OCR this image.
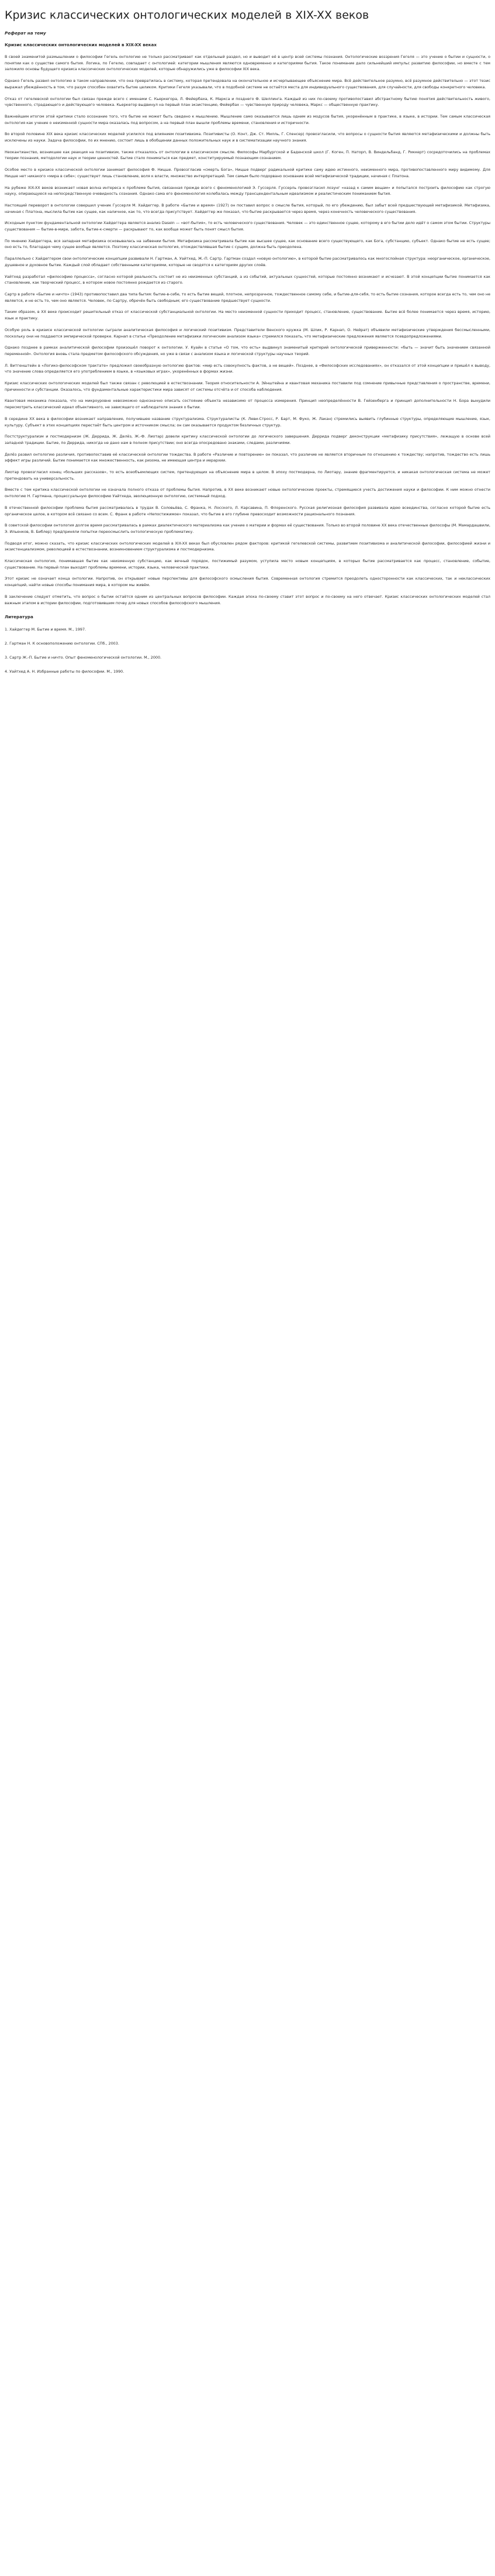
Кризис классических онтологических моделей в XIX-XX веков
Реферат на тему
Кризис классических онтологических моделей в XIX-XX веках

В своей знаменитой размышлении о философии Гегель онтологию не только рассматривает как отдельный раздел, но и выводит её в центр всей системы познания. Онтологические воззрения Гегеля — это учение о бытии и сущности, о понятии как о существе самого бытия. Логика, по Гегелю, совпадает с онтологией: категории мышления являются одновременно и категориями бытия. Такое понимание дало сильнейший импульс развитию философии, но вместе с тем заложило основы будущего кризиса классических онтологических моделей, которые обнаружились уже в философии XIX века.

Однако Гегель развил онтологию в таком направлении, что она превратилась в систему, которая претендовала на окончательное и исчерпывающее объяснение мира. Всё действительное разумно, всё разумное действительно — этот тезис выражал убеждённость в том, что разум способен охватить бытие целиком. Критики Гегеля указывали, что в подобной системе не остаётся места для индивидуального существования, для случайности, для свободы конкретного человека.

Отказ от гегелевской онтологии был связан прежде всего с именами С. Кьеркегора, Л. Фейербаха, К. Маркса и позднего Ф. Шеллинга. Каждый из них по-своему противопоставил абстрактному бытию понятия действительность живого, чувственного, страдающего и действующего человека. Кьеркегор выдвинул на первый план экзистенцию, Фейербах — чувственную природу человека, Маркс — общественную практику.

Важнейшим итогом этой критики стало осознание того, что бытие не может быть сведено к мышлению. Мышление само оказывается лишь одним из модусов бытия, укоренённым в практике, в языке, в истории. Тем самым классическая онтология как учение о неизменной сущности мира оказалась под вопросом, а на первый план вышли проблемы времени, становления и историчности.

Во второй половине XIX века кризис классических моделей усилился под влиянием позитивизма. Позитивисты (О. Конт, Дж. Ст. Милль, Г. Спенсер) провозгласили, что вопросы о сущности бытия являются метафизическими и должны быть исключены из науки. Задача философии, по их мнению, состоит лишь в обобщении данных положительных наук и в систематизации научного знания.

Неокантианство, возникшее как реакция на позитивизм, также отказалось от онтологии в классическом смысле. Философы Марбургской и Баденской школ (Г. Коген, П. Наторп, В. Виндельбанд, Г. Риккерт) сосредоточились на проблемах теории познания, методологии наук и теории ценностей. Бытие стало пониматься как предмет, конституируемый познающим сознанием.

Особое место в кризисе классической онтологии занимает философия Ф. Ницше. Провозгласив «смерть Бога», Ницше подверг радикальной критике саму идею истинного, неизменного мира, противопоставленного миру видимому. Для Ницше нет никакого «мира в себе»; существует лишь становление, воля к власти, множество интерпретаций. Тем самым было подорвано основание всей метафизической традиции, начиная с Платона.

На рубеже XIX-XX веков возникает новая волна интереса к проблеме бытия, связанная прежде всего с феноменологией Э. Гуссерля. Гуссерль провозгласил лозунг «назад к самим вещам» и попытался построить философию как строгую науку, опирающуюся на непосредственную очевидность сознания. Однако сама его феноменология колебалась между трансцендентальным идеализмом и реалистическим пониманием бытия.

Настоящий переворот в онтологии совершил ученик Гуссерля М. Хайдеггер. В работе «Бытие и время» (1927) он поставил вопрос о смысле бытия, который, по его убеждению, был забыт всей предшествующей метафизикой. Метафизика, начиная с Платона, мыслила бытие как сущее, как наличное, как то, что всегда присутствует. Хайдеггер же показал, что бытие раскрывается через время, через конечность человеческого существования.

Исходным пунктом фундаментальной онтологии Хайдеггера является анализ Dasein — «вот-бытия», то есть человеческого существования. Человек — это единственное сущее, которому в его бытии дело идёт о самом этом бытии. Структуры существования — бытие-в-мире, забота, бытие-к-смерти — раскрывают то, как вообще может быть понят смысл бытия.

По мнению Хайдеггера, вся западная метафизика основывалась на забвении бытия. Метафизика рассматривала бытие как высшее сущее, как основание всего существующего, как Бога, субстанцию, субъект. Однако бытие не есть сущее; оно есть то, благодаря чему сущее вообще является. Поэтому классическая онтология, отождествлявшая бытие с сущим, должна быть преодолена.

Параллельно с Хайдеггером свои онтологические концепции развивали Н. Гартман, А. Уайтхед, Ж.-П. Сартр. Гартман создал «новую онтологию», в которой бытие рассматривалось как многослойная структура: неорганическое, органическое, душевное и духовное бытие. Каждый слой обладает собственными категориями, которые не сводятся к категориям других слоёв.

Уайтхед разработал «философию процесса», согласно которой реальность состоит не из неизменных субстанций, а из событий, актуальных сущностей, которые постоянно возникают и исчезают. В этой концепции бытие понимается как становление, как творческий процесс, в котором новое постоянно рождается из старого.

Сартр в работе «Бытие и ничто» (1943) противопоставил два типа бытия: бытие-в-себе, то есть бытие вещей, плотное, непрозрачное, тождественное самому себе, и бытие-для-себя, то есть бытие сознания, которое всегда есть то, чем оно не является, и не есть то, чем оно является. Человек, по Сартру, обречён быть свободным; его существование предшествует сущности.

Таким образом, в XX веке происходит решительный отказ от классической субстанциальной онтологии. На место неизменной сущности приходит процесс, становление, существование. Бытие всё более понимается через время, историю, язык и практику.

Особую роль в кризисе классической онтологии сыграли аналитическая философия и логический позитивизм. Представители Венского кружка (М. Шлик, Р. Карнап, О. Нейрат) объявили метафизические утверждения бессмысленными, поскольку они не поддаются эмпирической проверке. Карнап в статье «Преодоление метафизики логическим анализом языка» стремился показать, что метафизические предложения являются псевдопредложениями.

Однако позднее в рамках аналитической философии произошёл поворот к онтологии. У. Куайн в статье «О том, что есть» выдвинул знаменитый критерий онтологической приверженности: «быть — значит быть значением связанной переменной». Онтология вновь стала предметом философского обсуждения, но уже в связи с анализом языка и логической структуры научных теорий.

Л. Витгенштейн в «Логико-философском трактате» предложил своеобразную онтологию фактов: «мир есть совокупность фактов, а не вещей». Позднее, в «Философских исследованиях», он отказался от этой концепции и пришёл к выводу, что значение слова определяется его употреблением в языке, в «языковых играх», укоренённых в формах жизни.

Кризис классических онтологических моделей был также связан с революцией в естествознании. Теория относительности А. Эйнштейна и квантовая механика поставили под сомнение привычные представления о пространстве, времени, причинности и субстанции. Оказалось, что фундаментальные характеристики мира зависят от системы отсчёта и от способа наблюдения.

Квантовая механика показала, что на микроуровне невозможно однозначно описать состояние объекта независимо от процесса измерения. Принцип неопределённости В. Гейзенберга и принцип дополнительности Н. Бора вынудили пересмотреть классический идеал объективного, не зависящего от наблюдателя знания о бытии.

В середине XX века в философии возникает направление, получившее название структурализма. Структуралисты (К. Леви-Стросс, Р. Барт, М. Фуко, Ж. Лакан) стремились выявить глубинные структуры, определяющие мышление, язык, культуру. Субъект в этих концепциях перестаёт быть центром и источником смысла; он сам оказывается продуктом безличных структур.

Постструктурализм и постмодернизм (Ж. Деррида, Ж. Делёз, Ж.-Ф. Лиотар) довели критику классической онтологии до логического завершения. Деррида подверг деконструкции «метафизику присутствия», лежащую в основе всей западной традиции. Бытие, по Деррида, никогда не дано нам в полном присутствии; оно всегда опосредовано знаками, следами, различиями.

Делёз развил онтологию различия, противопоставив её классической онтологии тождества. В работе «Различие и повторение» он показал, что различие не является вторичным по отношению к тождеству; напротив, тождество есть лишь эффект игры различий. Бытие понимается как множественность, как ризома, не имеющая центра и иерархии.

Лиотар провозгласил конец «больших рассказов», то есть всеобъемлющих систем, претендующих на объяснение мира в целом. В эпоху постмодерна, по Лиотару, знание фрагментируется, и никакая онтологическая система не может претендовать на универсальность.

Вместе с тем критика классической онтологии не означала полного отказа от проблемы бытия. Напротив, в XX веке возникают новые онтологические проекты, стремящиеся учесть достижения науки и философии. К ним можно отнести онтологию Н. Гартмана, процессуальную философию Уайтхеда, эволюционную онтологию, системный подход.

В отечественной философии проблема бытия рассматривалась в трудах В. Соловьёва, С. Франка, Н. Лосского, Л. Карсавина, П. Флоренского. Русская религиозная философия развивала идею всеединства, согласно которой бытие есть органическое целое, в котором всё связано со всем. С. Франк в работе «Непостижимое» показал, что бытие в его глубине превосходит возможности рационального познания.

В советской философии онтология долгое время рассматривалась в рамках диалектического материализма как учение о материи и формах её существования. Только во второй половине XX века отечественные философы (М. Мамардашвили, Э. Ильенков, В. Библер) предприняли попытки переосмыслить онтологическую проблематику.

Подводя итог, можно сказать, что кризис классических онтологических моделей в XIX-XX веках был обусловлен рядом факторов: критикой гегелевской системы, развитием позитивизма и аналитической философии, философией жизни и экзистенциализмом, революцией в естествознании, возникновением структурализма и постмодернизма.

Классическая онтология, понимавшая бытие как неизменную субстанцию, как вечный порядок, постижимый разумом, уступила место новым концепциям, в которых бытие рассматривается как процесс, становление, событие, существование. На первый план выходят проблемы времени, истории, языка, человеческой практики.

Этот кризис не означает конца онтологии. Напротив, он открывает новые перспективы для философского осмысления бытия. Современная онтология стремится преодолеть односторонности как классических, так и неклассических концепций, найти новые способы понимания мира, в котором мы живём.

В заключение следует отметить, что вопрос о бытии остаётся одним из центральных вопросов философии. Каждая эпоха по-своему ставит этот вопрос и по-своему на него отвечает. Кризис классических онтологических моделей стал важным этапом в истории философии, подготовившим почву для новых способов философского мышления.

Литература
1. Хайдеггер М. Бытие и время. М., 1997.
2. Гартман Н. К основоположению онтологии. СПб., 2003.
3. Сартр Ж.-П. Бытие и ничто. Опыт феноменологической онтологии. М., 2000.
4. Уайтхед А. Н. Избранные работы по философии. М., 1990.
